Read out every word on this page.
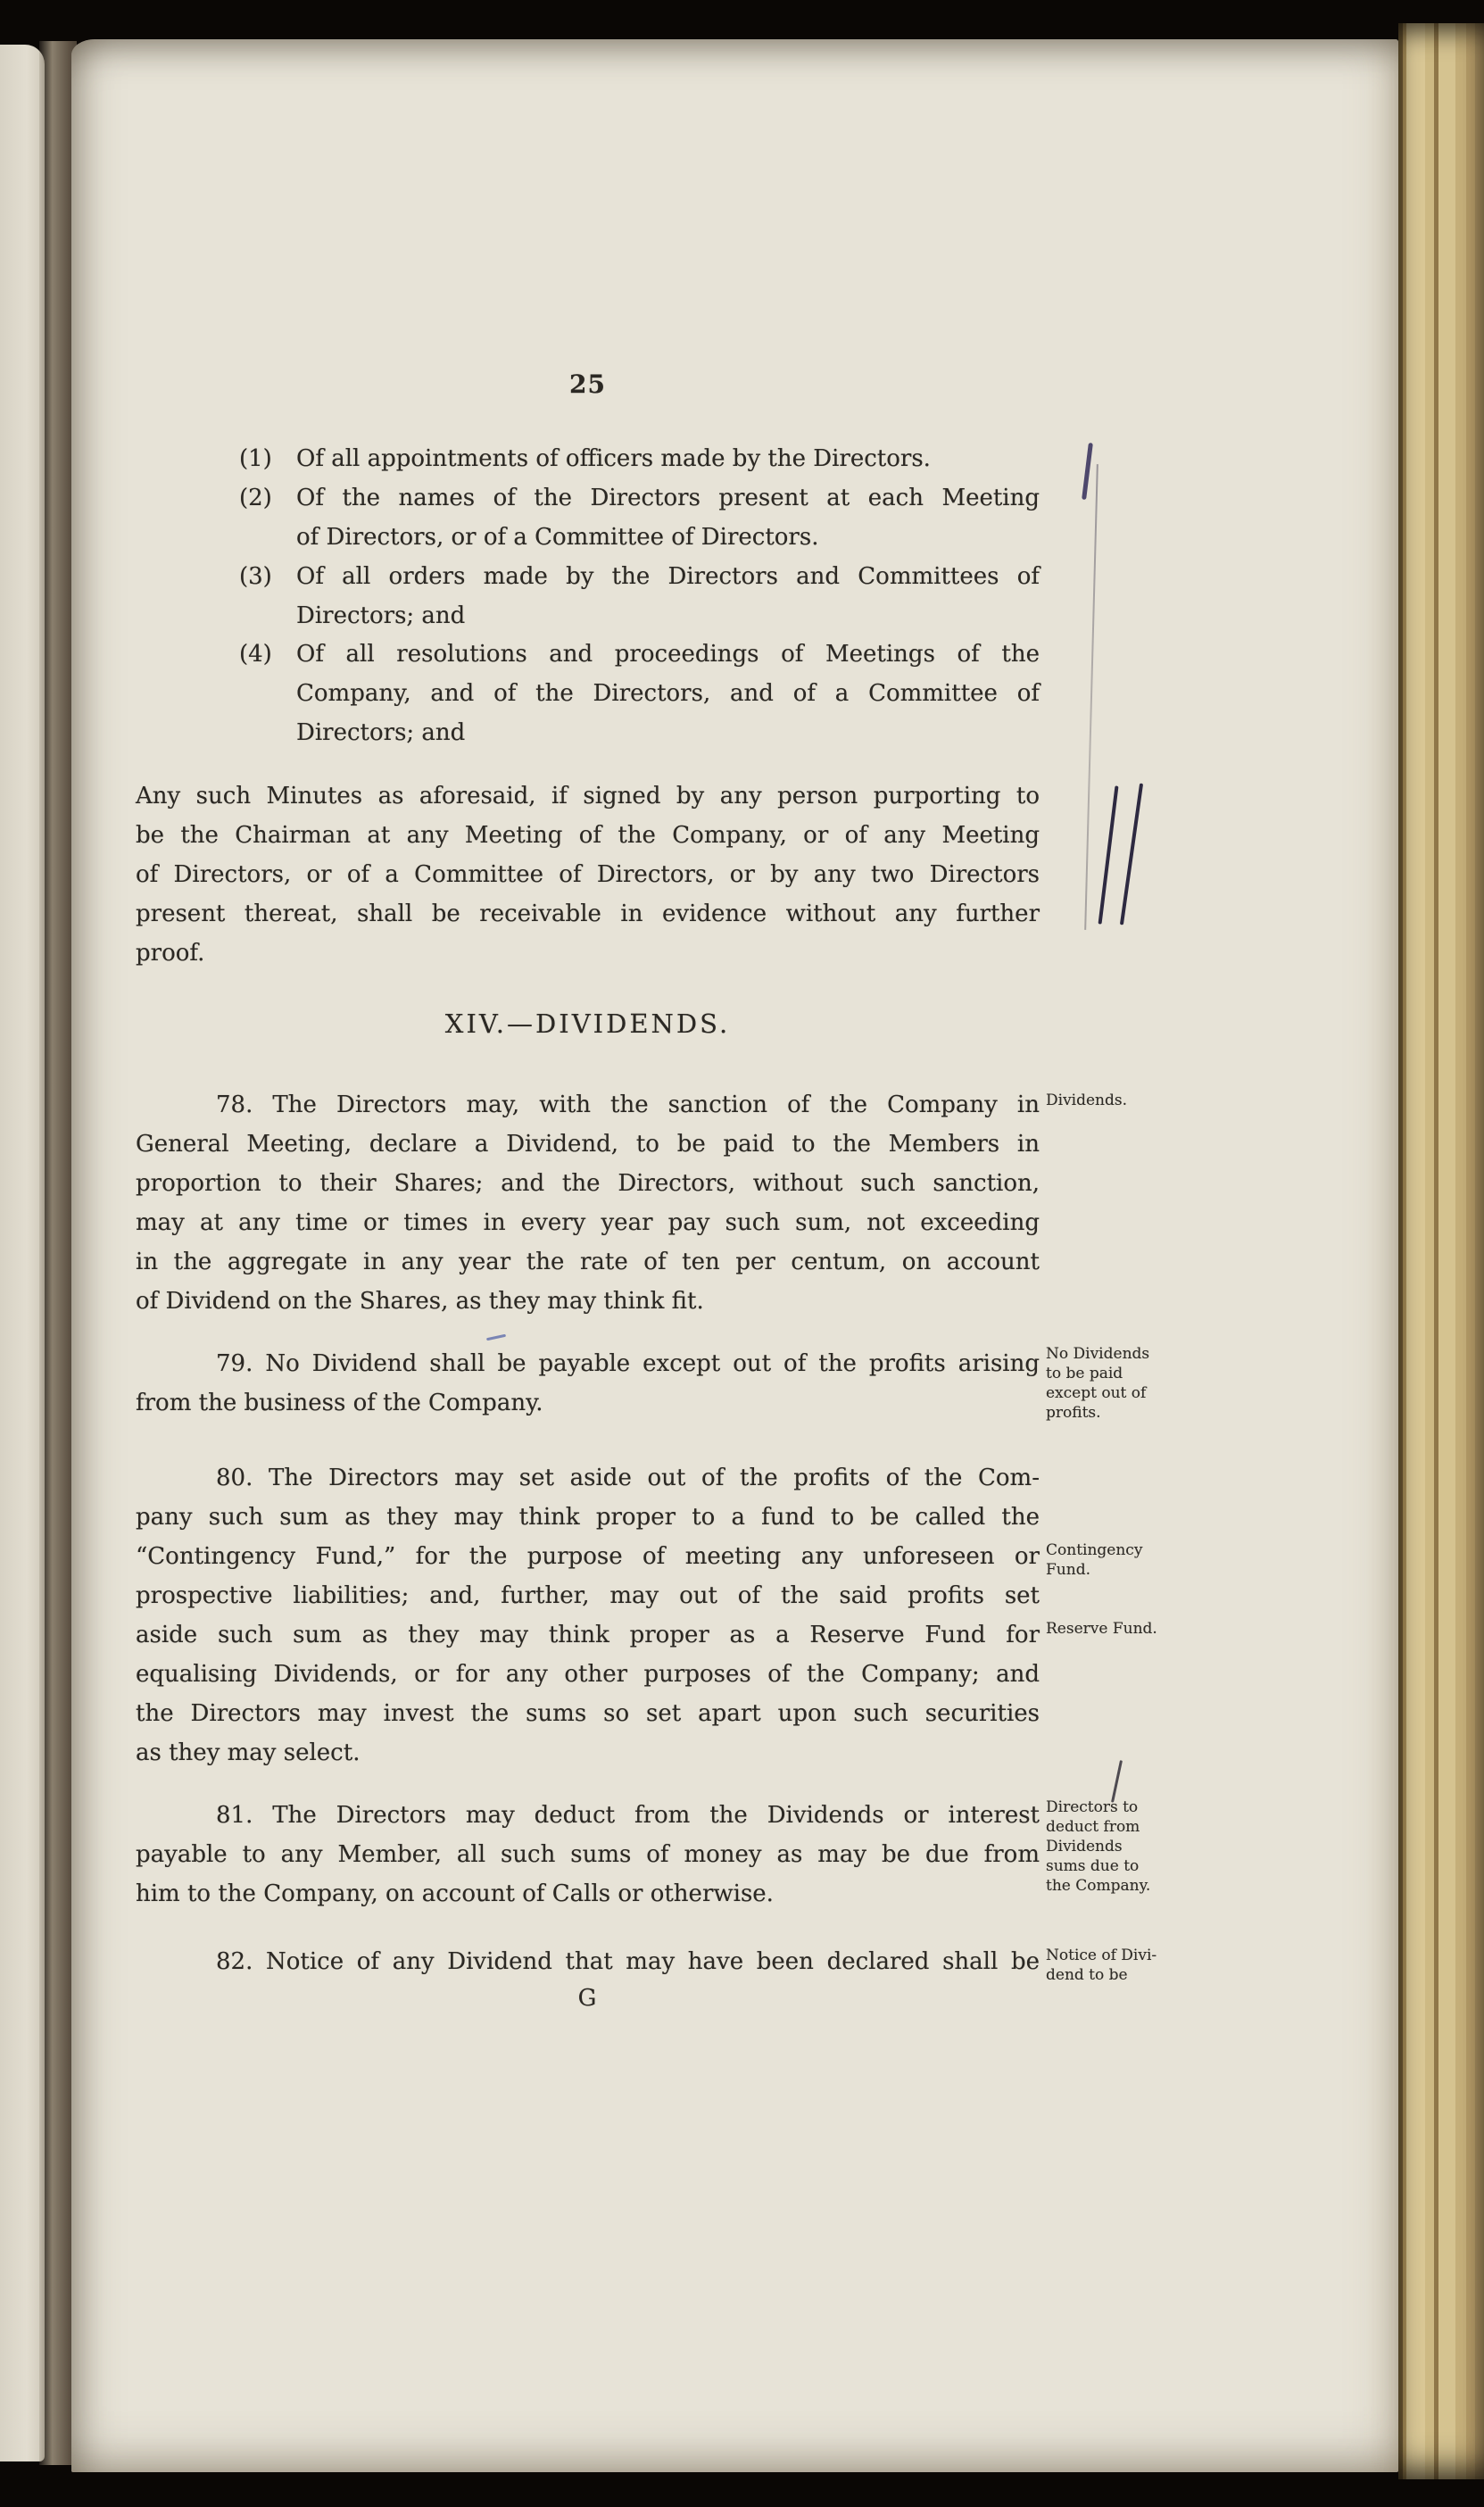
25
(1) Of all appointments of officers made by the Directors.
(2) Of the names of the Directors present at each Meeting
of Directors, or of a Committee of Directors.
(3) Of all orders made by the Directors and Committees of
Directors; and
(4) Of all resolutions and proceedings of Meetings of the
Company, and of the Directors, and of a Committee of
Directors; and
Any such Minutes as aforesaid, if signed by any person purporting to
be the Chairman at any Meeting of the Company, or of any Meeting
of Directors, or of a Committee of Directors, or by any two Directors
present thereat, shall be receivable in evidence without any further
proof.
XIV.—DIVIDENDS.
78. The Directors may, with the sanction of the Company in
General Meeting, declare a Dividend, to be paid to the Members in
proportion to their Shares; and the Directors, without such sanction,
may at any time or times in every year pay such sum, not exceeding
in the aggregate in any year the rate of ten per centum, on account
of Dividend on the Shares, as they may think fit.
79. No Dividend shall be payable except out of the profits arising
from the business of the Company.
80. The Directors may set aside out of the profits of the Com-
pany such sum as they may think proper to a fund to be called the
“Contingency Fund,” for the purpose of meeting any unforeseen or
prospective liabilities; and, further, may out of the said profits set
aside such sum as they may think proper as a Reserve Fund for
equalising Dividends, or for any other purposes of the Company; and
the Directors may invest the sums so set apart upon such securities
as they may select.
81. The Directors may deduct from the Dividends or interest
payable to any Member, all such sums of money as may be due from
him to the Company, on account of Calls or otherwise.
82. Notice of any Dividend that may have been declared shall be
Dividends.
No Dividends
to be paid
except out of
profits.
Contingency
Fund.
Reserve Fund.
Directors to
deduct from
Dividends
sums due to
the Company.
Notice of Divi-
dend to be
G
